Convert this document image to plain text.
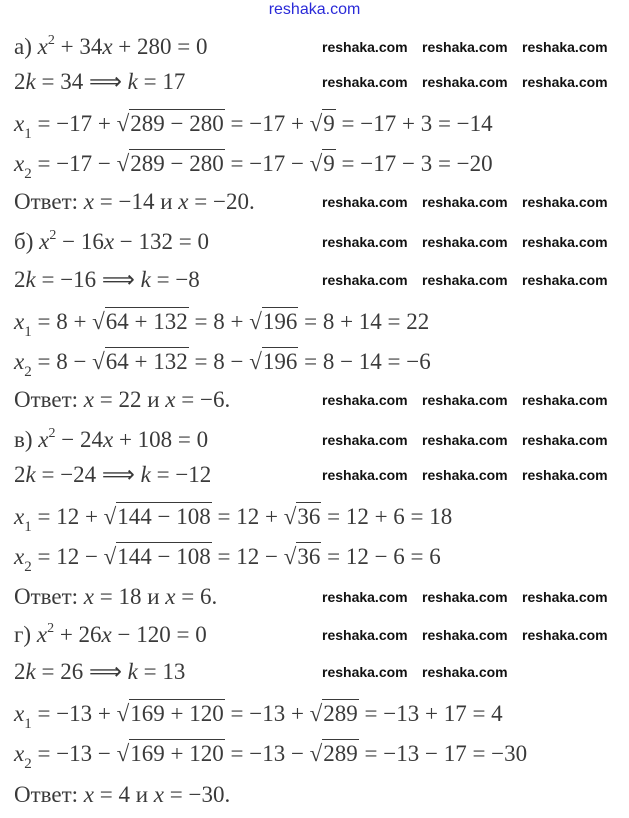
reshaka.com
а) $x^2 + 34x + 280 = 0$
2k = 34 ⟹ k = 17
$x_1 = -17 + √289 - 280 = -17 + √9 = -17 + 3 = -14$
$x_2 = -17 - √289 - 280 = -17 - √9 = -17 - 3 = -20$
Ответ: x = −14 и x = −20.
б) $x^2 - 16x - 132 = 0$
2k = −16 ⟹ k = −8
$x_1 = 8 + √64 + 132 = 8 + √196 = 8 + 14 = 22$
$x_2 = 8 - √64 + 132 = 8 - √196 = 8 - 14 = -6$
Ответ: x = 22 и x = −6.
в) $x^2 - 24x + 108 = 0$
2k = −24 ⟹ k = −12
$x_1 = 12 + √144 - 108 = 12 + √36 = 12 + 6 = 18$
$x_2 = 12 - √144 - 108 = 12 - √36 = 12 - 6 = 6$
Ответ: x = 18 и x = 6.
г) $x^2 + 26x - 120 = 0$
2k = 26 ⟹ k = 13
$x_1 = -13 + √169 + 120 = -13 + √289 = -13 + 17 = 4$
$x_2 = -13 - √169 + 120 = -13 - √289 = -13 - 17 = -30$
Ответ: x = 4 и x = −30.
reshaka.com reshaka.com reshaka.com
reshaka.com reshaka.com reshaka.com
reshaka.com reshaka.com reshaka.com
reshaka.com reshaka.com reshaka.com
reshaka.com reshaka.com reshaka.com
reshaka.com reshaka.com reshaka.com
reshaka.com reshaka.com reshaka.com
reshaka.com reshaka.com reshaka.com
reshaka.com reshaka.com reshaka.com
reshaka.com reshaka.com reshaka.com
reshaka.com reshaka.com
